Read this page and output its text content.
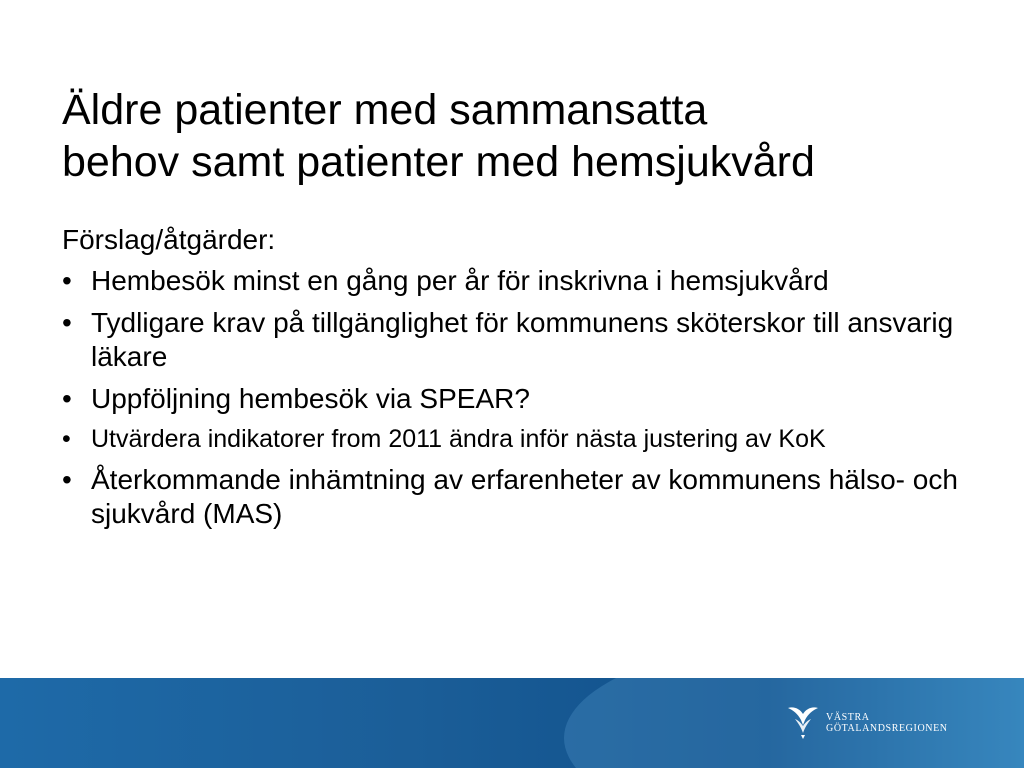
Äldre patienter med sammansatta
behov samt patienter med hemsjukvård

Förslag/åtgärder:

• Hembesök minst en gång per år för inskrivna i hemsjukvård
• Tydligare krav på tillgänglighet för kommunens sköterskor till ansvarig läkare
• Uppföljning hembesök via SPEAR?
• Utvärdera indikatorer from 2011 ändra inför nästa justering av KoK
• Återkommande inhämtning av erfarenheter av kommunens hälso- och sjukvård (MAS)
VÄSTRA
GÖTALANDSREGIONEN
